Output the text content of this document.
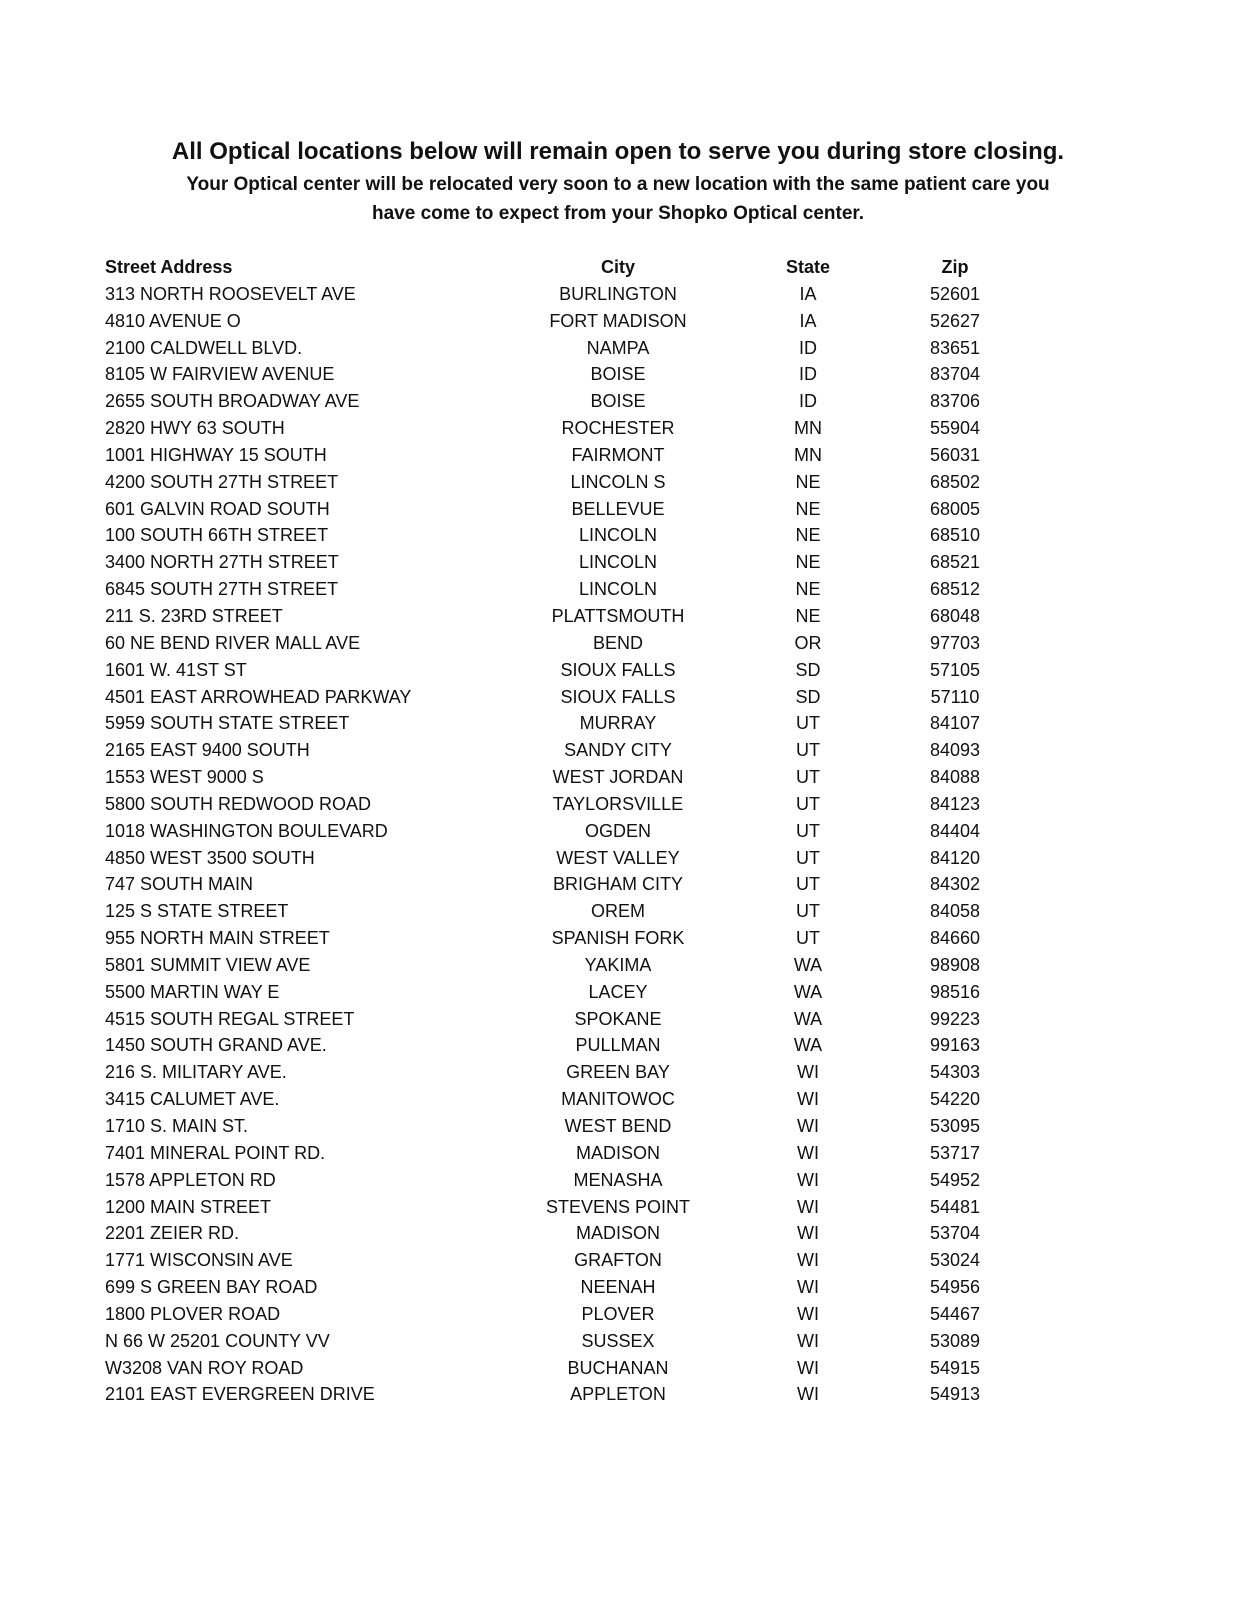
All Optical locations below will remain open to serve you during store closing.
Your Optical center will be relocated very soon to a new location with the same patient care you
have come to expect from your Shopko Optical center.
Street Address	City	State	Zip
313 NORTH ROOSEVELT AVE	BURLINGTON	IA	52601
4810 AVENUE O	FORT MADISON	IA	52627
2100 CALDWELL BLVD.	NAMPA	ID	83651
8105 W FAIRVIEW AVENUE	BOISE	ID	83704
2655 SOUTH BROADWAY AVE	BOISE	ID	83706
2820 HWY 63 SOUTH	ROCHESTER	MN	55904
1001 HIGHWAY 15 SOUTH	FAIRMONT	MN	56031
4200 SOUTH 27TH STREET	LINCOLN S	NE	68502
601 GALVIN ROAD SOUTH	BELLEVUE	NE	68005
100 SOUTH 66TH STREET	LINCOLN	NE	68510
3400 NORTH 27TH STREET	LINCOLN	NE	68521
6845 SOUTH 27TH STREET	LINCOLN	NE	68512
211 S. 23RD STREET	PLATTSMOUTH	NE	68048
60 NE BEND RIVER MALL AVE	BEND	OR	97703
1601 W. 41ST ST	SIOUX FALLS	SD	57105
4501 EAST ARROWHEAD PARKWAY	SIOUX FALLS	SD	57110
5959 SOUTH STATE STREET	MURRAY	UT	84107
2165 EAST 9400 SOUTH	SANDY CITY	UT	84093
1553 WEST 9000 S	WEST JORDAN	UT	84088
5800 SOUTH REDWOOD ROAD	TAYLORSVILLE	UT	84123
1018 WASHINGTON BOULEVARD	OGDEN	UT	84404
4850 WEST 3500 SOUTH	WEST VALLEY	UT	84120
747 SOUTH MAIN	BRIGHAM CITY	UT	84302
125 S STATE STREET	OREM	UT	84058
955 NORTH MAIN STREET	SPANISH FORK	UT	84660
5801 SUMMIT VIEW AVE	YAKIMA	WA	98908
5500 MARTIN WAY E	LACEY	WA	98516
4515 SOUTH REGAL STREET	SPOKANE	WA	99223
1450 SOUTH GRAND AVE.	PULLMAN	WA	99163
216 S. MILITARY AVE.	GREEN BAY	WI	54303
3415 CALUMET AVE.	MANITOWOC	WI	54220
1710 S. MAIN ST.	WEST BEND	WI	53095
7401 MINERAL POINT RD.	MADISON	WI	53717
1578 APPLETON RD	MENASHA	WI	54952
1200 MAIN STREET	STEVENS POINT	WI	54481
2201 ZEIER RD.	MADISON	WI	53704
1771 WISCONSIN AVE	GRAFTON	WI	53024
699 S GREEN BAY ROAD	NEENAH	WI	54956
1800 PLOVER ROAD	PLOVER	WI	54467
N 66 W 25201 COUNTY VV	SUSSEX	WI	53089
W3208 VAN ROY ROAD	BUCHANAN	WI	54915
2101 EAST EVERGREEN DRIVE	APPLETON	WI	54913
